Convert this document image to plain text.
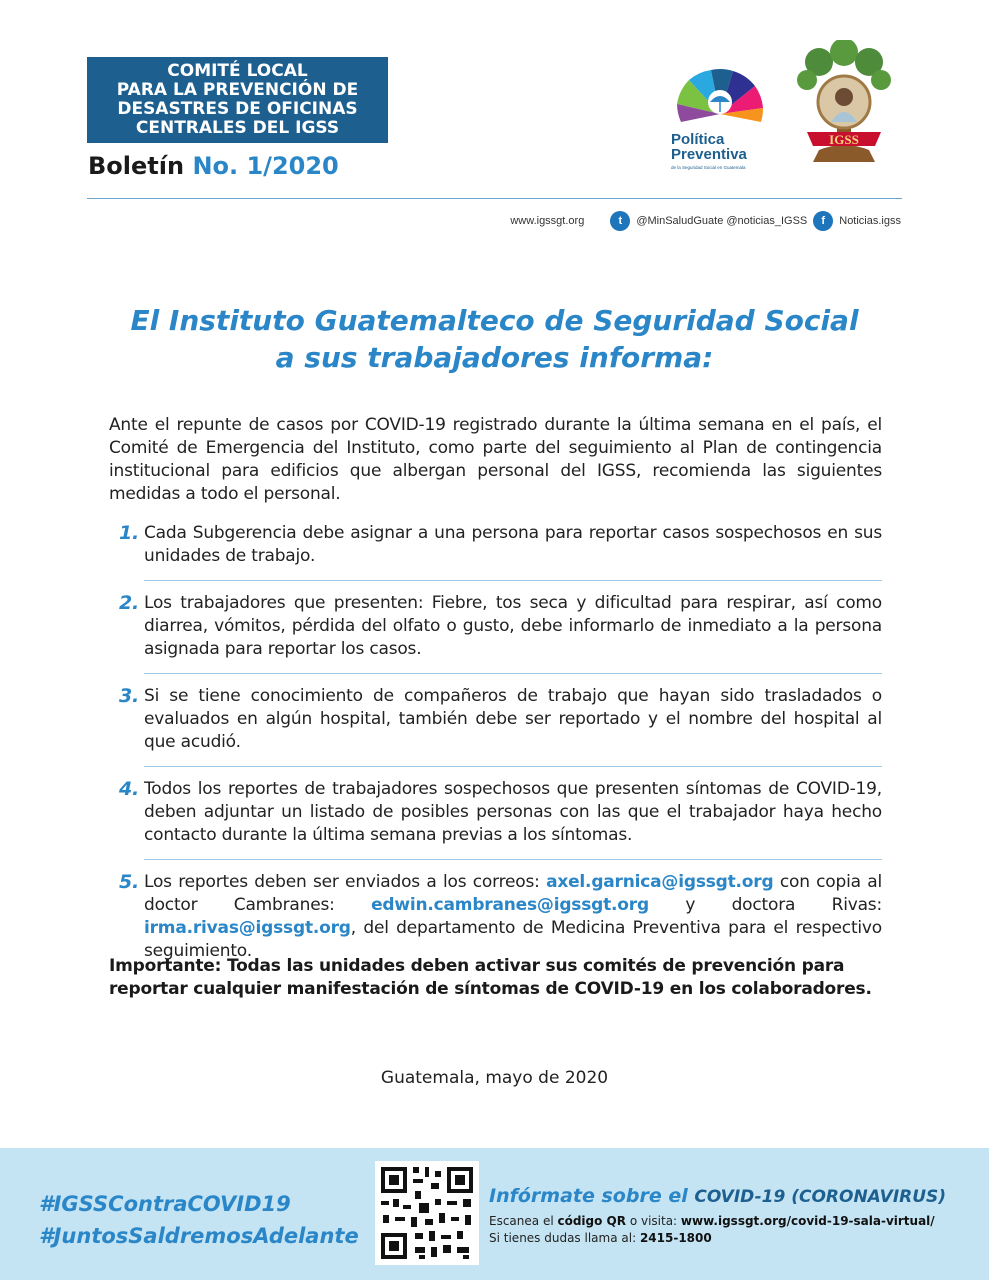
COMITÉ LOCAL
PARA LA PREVENCIÓN DE
DESASTRES DE OFICINAS
CENTRALES DEL IGSS
Boletín No. 1/2020
Política
Preventiva
de la Seguridad Social en Guatemala
IGSS
www.igssgt.org	t	@MinSaludGuate @noticias_IGSS	f	Noticias.igss
El Instituto Guatemalteco de Seguridad Social
a sus trabajadores informa:
Ante el repunte de casos por COVID-19 registrado durante la última semana en el país, el Comité de Emergencia del Instituto, como parte del seguimiento al Plan de contingencia institucional para edificios que albergan personal del IGSS, recomienda las siguientes medidas a todo el personal.
1. Cada Subgerencia debe asignar a una persona para reportar casos sospechosos en sus unidades de trabajo.
2. Los trabajadores que presenten: Fiebre, tos seca y dificultad para respirar, así como diarrea, vómitos, pérdida del olfato o gusto, debe informarlo de inmediato a la persona asignada para reportar los casos.
3. Si se tiene conocimiento de compañeros de trabajo que hayan sido trasladados o evaluados en algún hospital, también debe ser reportado y el nombre del hospital al que acudió.
4. Todos los reportes de trabajadores sospechosos que presenten síntomas de COVID-19, deben adjuntar un listado de posibles personas con las que el trabajador haya hecho contacto durante la última semana previas a los síntomas.
5. Los reportes deben ser enviados a los correos: axel.garnica@igssgt.org con copia al doctor Cambranes: edwin.cambranes@igssgt.org y doctora Rivas: irma.rivas@igssgt.org, del departamento de Medicina Preventiva para el respectivo seguimiento.
Importante: Todas las unidades deben activar sus comités de prevención para reportar cualquier manifestación de síntomas de COVID-19 en los colaboradores.
Guatemala, mayo de 2020
#IGSSContraCOVID19
#JuntosSaldremosAdelante
Infórmate sobre el COVID-19 (CORONAVIRUS)
Escanea el código QR o visita: www.igssgt.org/covid-19-sala-virtual/
Si tienes dudas llama al: 2415-1800
